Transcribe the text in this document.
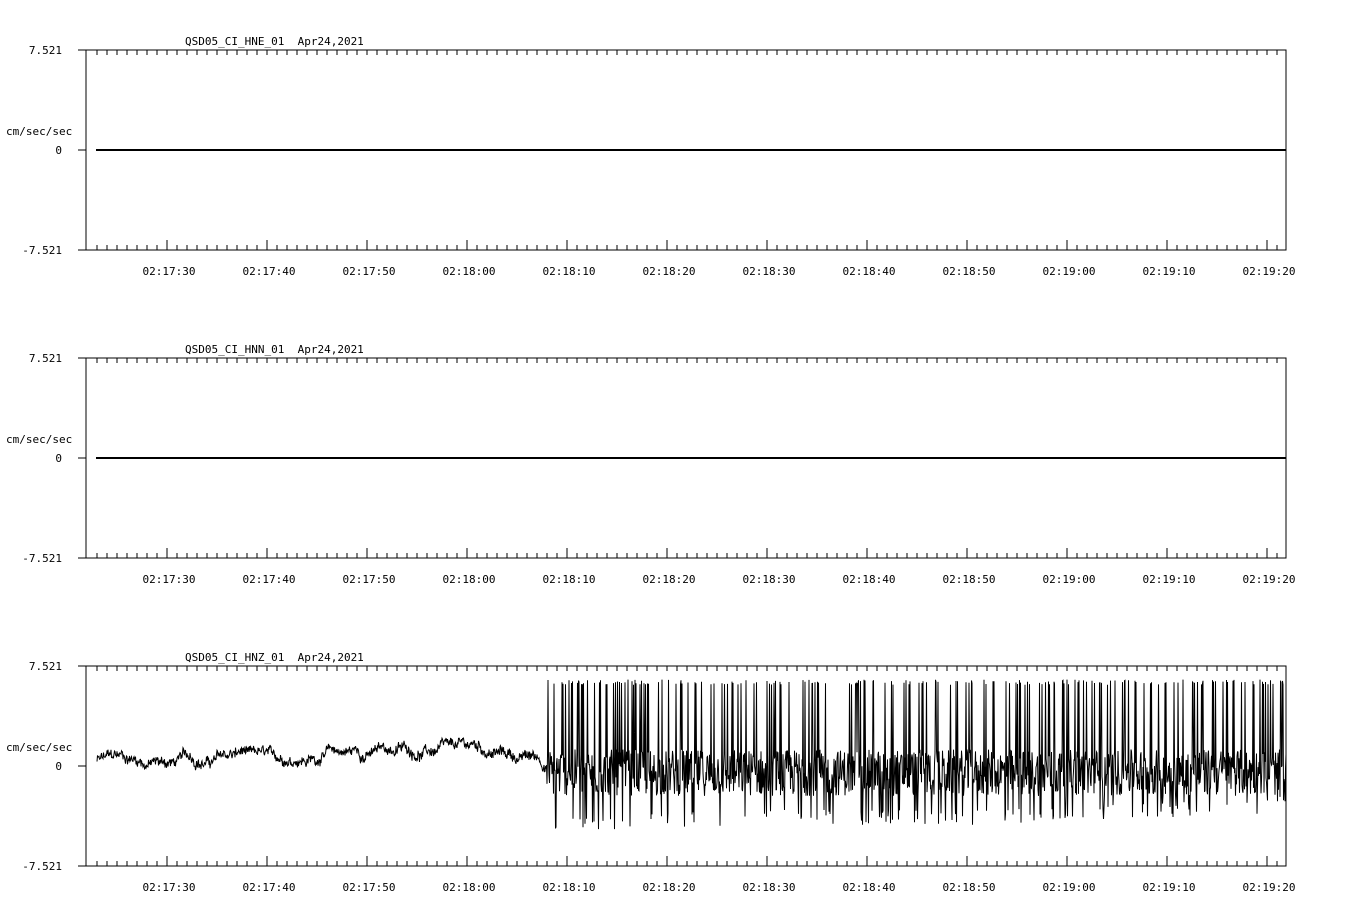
QSD05_CI_HNE_01  Apr24,2021
7.521
0
-7.521
cm/sec/sec
02:17:30	02:17:40	02:17:50	02:18:00	02:18:10	02:18:20	02:18:30	02:18:40	02:18:50	02:19:00	02:19:10	02:19:20
QSD05_CI_HNN_01  Apr24,2021
7.521
0
-7.521
cm/sec/sec
02:17:30	02:17:40	02:17:50	02:18:00	02:18:10	02:18:20	02:18:30	02:18:40	02:18:50	02:19:00	02:19:10	02:19:20
QSD05_CI_HNZ_01  Apr24,2021
7.521
0
-7.521
cm/sec/sec
02:17:30	02:17:40	02:17:50	02:18:00	02:18:10	02:18:20	02:18:30	02:18:40	02:18:50	02:19:00	02:19:10	02:19:20
